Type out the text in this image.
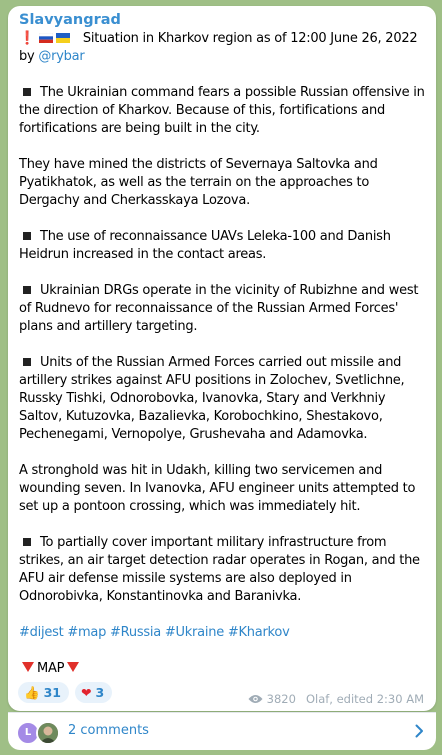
Slavyangrad

❗	Situation in Kharkov region as of 12:00 June 26, 2022 by @rybar

The Ukrainian command fears a possible Russian offensive in the direction of Kharkov. Because of this, fortifications and fortifications are being built in the city.

They have mined the districts of Severnaya Saltovka and Pyatikhatok, as well as the terrain on the approaches to Dergachy and Cherkasskaya Lozova.

The use of reconnaissance UAVs Leleka-100 and Danish Heidrun increased in the contact areas.

Ukrainian DRGs operate in the vicinity of Rubizhne and west of Rudnevo for reconnaissance of the Russian Armed Forces' plans and artillery targeting.

Units of the Russian Armed Forces carried out missile and artillery strikes against AFU positions in Zolochev, Svetlichne, Russky Tishki, Odnorobovka, Ivanovka, Stary and Verkhniy Saltov, Kutuzovka, Bazalievka, Korobochkino, Shestakovo, Pechenegami, Vernopolye, Grushevaha and Adamovka.

A stronghold was hit in Udakh, killing two servicemen and wounding seven. In Ivanovka, AFU engineer units attempted to set up a pontoon crossing, which was immediately hit.

To partially cover important military infrastructure from strikes, an air target detection radar operates in Rogan, and the AFU air defense missile systems are also deployed in Odnorobivka, Konstantinovka and Baranivka.

#dijest #map #Russia #Ukraine #Kharkov

MAP

👍 31 ❤ 3	3820 Olaf, edited 2:30 AM
L	2 comments
